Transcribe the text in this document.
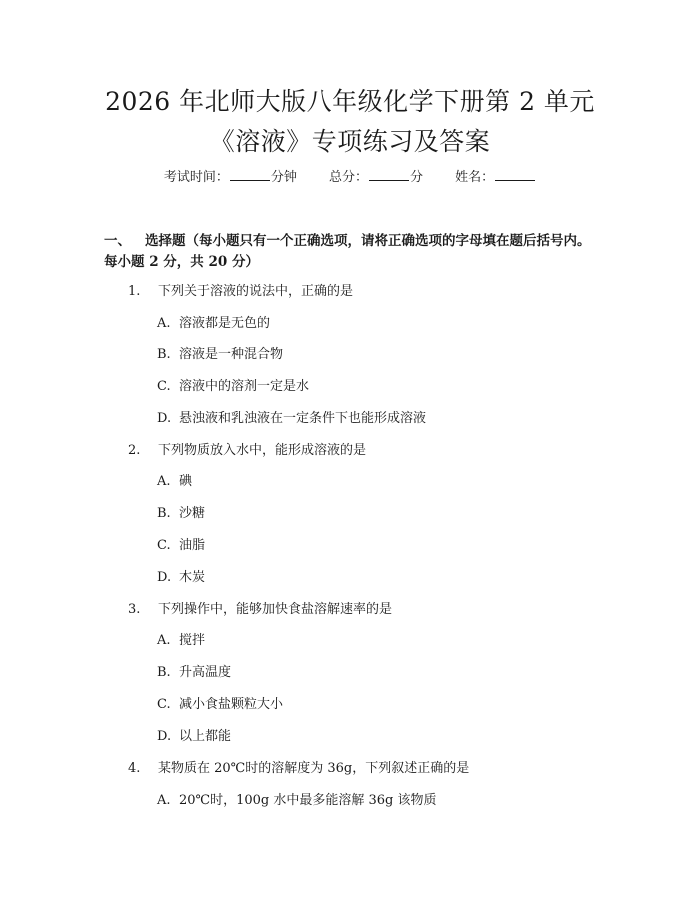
2026 年北师大版八年级化学下册第 2 单元
《溶液》专项练习及答案
考试时间：	分钟 总分：	分 姓名：
一、 选择题（每小题只有一个正确选项，请将正确选项的字母填在题后括号内。
每小题 2 分，共 20 分）
1. 下列关于溶液的说法中，正确的是
A. 溶液都是无色的
B. 溶液是一种混合物
C. 溶液中的溶剂一定是水
D. 悬浊液和乳浊液在一定条件下也能形成溶液
2. 下列物质放入水中，能形成溶液的是
A. 碘
B. 沙糖
C. 油脂
D. 木炭
3. 下列操作中，能够加快食盐溶解速率的是
A. 搅拌
B. 升高温度
C. 减小食盐颗粒大小
D. 以上都能
4. 某物质在 20℃时的溶解度为 36g，下列叙述正确的是
A. 20℃时，100g 水中最多能溶解 36g 该物质
